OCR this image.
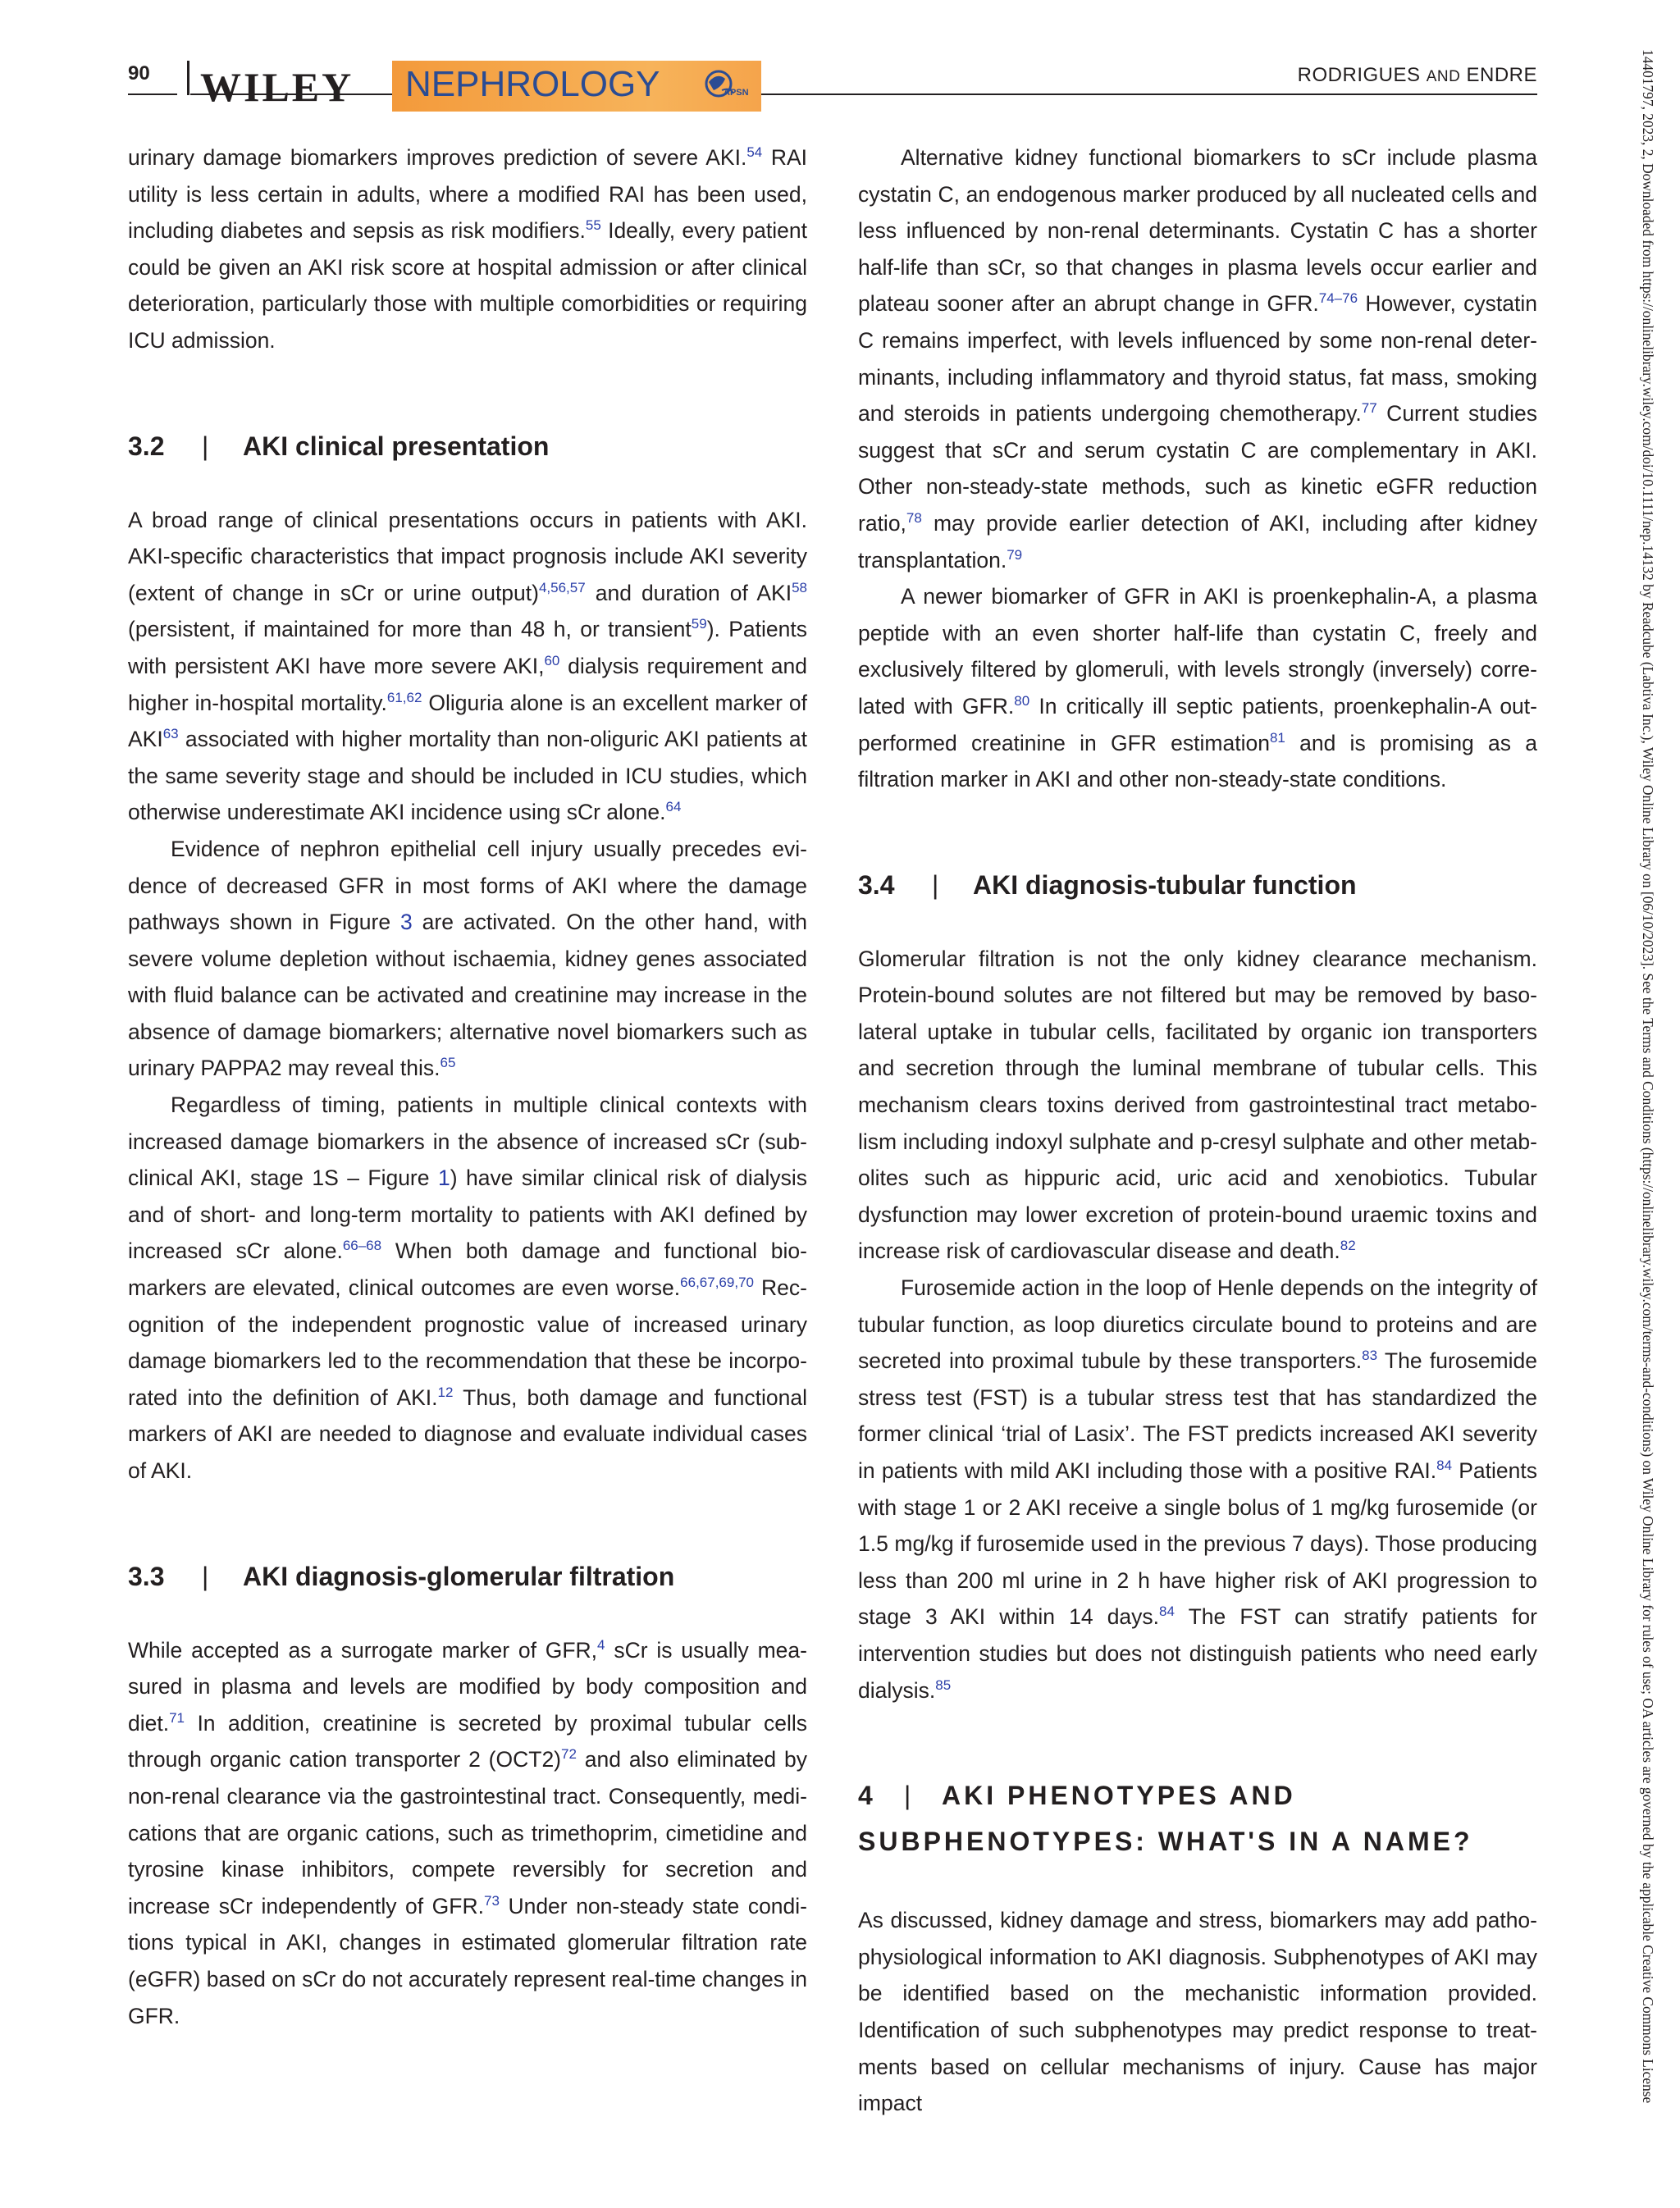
90 WILEY NEPHROLOGY	APSN
RODRIGUES AND ENDRE

urinary damage biomarkers improves prediction of severe AKI.$^{54}$ RAI utility is less certain in adults, where a modified RAI has been used, including diabetes and sepsis as risk modifiers.$^{55}$ Ideally, every patient could be given an AKI risk score at hospital admission or after clinical deterioration, particularly those with multiple comorbidities or requiring ICU admission.

3.2 | AKI clinical presentation

A broad range of clinical presentations occurs in patients with AKI. AKI-specific characteristics that impact prognosis include AKI severity (extent of change in sCr or urine output)$^{4,56,57}$ and duration of AKI$^{58}$ (persistent, if maintained for more than 48 h, or transient$^{59}$). Patients with persistent AKI have more severe AKI,$^{60}$ dialysis requirement and higher in-hospital mortality.$^{61,62}$ Oliguria alone is an excellent marker of AKI$^{63}$ associated with higher mortality than non-oliguric AKI patients at the same severity stage and should be included in ICU studies, which otherwise underestimate AKI incidence using sCr alone.$^{64}$

Evidence of nephron epithelial cell injury usually precedes evidence of decreased GFR in most forms of AKI where the damage pathways shown in Figure 3 are activated. On the other hand, with severe volume depletion without ischaemia, kidney genes associated with fluid balance can be activated and creatinine may increase in the absence of damage biomarkers; alternative novel biomarkers such as urinary PAPPA2 may reveal this.$^{65}$

Regardless of timing, patients in multiple clinical contexts with increased damage biomarkers in the absence of increased sCr (subclinical AKI, stage 1S – Figure 1) have similar clinical risk of dialysis and of short- and long-term mortality to patients with AKI defined by increased sCr alone.$^{66-68}$ When both damage and functional biomarkers are elevated, clinical outcomes are even worse.$^{66,67,69,70}$ Recognition of the independent prognostic value of increased urinary damage biomarkers led to the recommendation that these be incorporated into the definition of AKI.$^{12}$ Thus, both damage and functional markers of AKI are needed to diagnose and evaluate individual cases of AKI.

3.3 | AKI diagnosis-glomerular filtration

While accepted as a surrogate marker of GFR,$^4$ sCr is usually measured in plasma and levels are modified by body composition and diet.$^{71}$ In addition, creatinine is secreted by proximal tubular cells through organic cation transporter 2 $(OCT2)^{72}$ and also eliminated by non-renal clearance via the gastrointestinal tract. Consequently, medications that are organic cations, such as trimethoprim, cimetidine and tyrosine kinase inhibitors, compete reversibly for secretion and increase sCr independently of GFR.$^{73}$ Under non-steady state conditions typical in AKI, changes in estimated glomerular filtration rate (eGFR) based on sCr do not accurately represent real-time changes in GFR.

Alternative kidney functional biomarkers to sCr include plasma cystatin C, an endogenous marker produced by all nucleated cells and less influenced by non-renal determinants. Cystatin C has a shorter half-life than sCr, so that changes in plasma levels occur earlier and plateau sooner after an abrupt change in GFR.$^{74-76}$ However, cystatin C remains imperfect, with levels influenced by some non-renal determinants, including inflammatory and thyroid status, fat mass, smoking and steroids in patients undergoing chemotherapy.$^{77}$ Current studies suggest that sCr and serum cystatin C are complementary in AKI. Other non-steady-state methods, such as kinetic eGFR reduction ratio,$^{78}$ may provide earlier detection of AKI, including after kidney transplantation.$^{79}$

A newer biomarker of GFR in AKI is proenkephalin-A, a plasma peptide with an even shorter half-life than cystatin C, freely and exclusively filtered by glomeruli, with levels strongly (inversely) correlated with GFR.$^{80}$ In critically ill septic patients, proenkephalin-A outperformed creatinine in GFR estimation$^{81}$ and is promising as a filtration marker in AKI and other non-steady-state conditions.

3.4 | AKI diagnosis-tubular function

Glomerular filtration is not the only kidney clearance mechanism. Protein-bound solutes are not filtered but may be removed by basolateral uptake in tubular cells, facilitated by organic ion transporters and secretion through the luminal membrane of tubular cells. This mechanism clears toxins derived from gastrointestinal tract metabolism including indoxyl sulphate and p-cresyl sulphate and other metabolites such as hippuric acid, uric acid and xenobiotics. Tubular dysfunction may lower excretion of protein-bound uraemic toxins and increase risk of cardiovascular disease and death.$^{82}$

Furosemide action in the loop of Henle depends on the integrity of tubular function, as loop diuretics circulate bound to proteins and are secreted into proximal tubule by these transporters.$^{83}$ The furosemide stress test (FST) is a tubular stress test that has standardized the former clinical ‘trial of Lasix’. The FST predicts increased AKI severity in patients with mild AKI including those with a positive RAI.$^{84}$ Patients with stage 1 or 2 AKI receive a single bolus of 1 mg/kg furosemide (or 1.5 mg/kg if furosemide used in the previous 7 days). Those producing less than 200 ml urine in 2 h have higher risk of AKI progression to stage 3 AKI within 14 days.$^{84}$ The FST can stratify patients for intervention studies but does not distinguish patients who need early dialysis.$^{85}$

4 | AKI PHENOTYPES AND SUBPHENOTYPES: WHAT'S IN A NAME?

As discussed, kidney damage and stress, biomarkers may add pathophysiological information to AKI diagnosis. Subphenotypes of AKI may be identified based on the mechanistic information provided. Identification of such subphenotypes may predict response to treatments based on cellular mechanisms of injury. Cause has major impact	14401797, 2023, 2, Downloaded from https://onlinelibrary.wiley.com/doi/10.1111/nep.14132 by Readcube (Labtiva Inc.), Wiley Online Library on [06/10/2023]. See the Terms and Conditions (https://onlinelibrary.wiley.com/terms-and-conditions) on Wiley Online Library for rules of use; OA articles are governed by the applicable Creative Commons License
